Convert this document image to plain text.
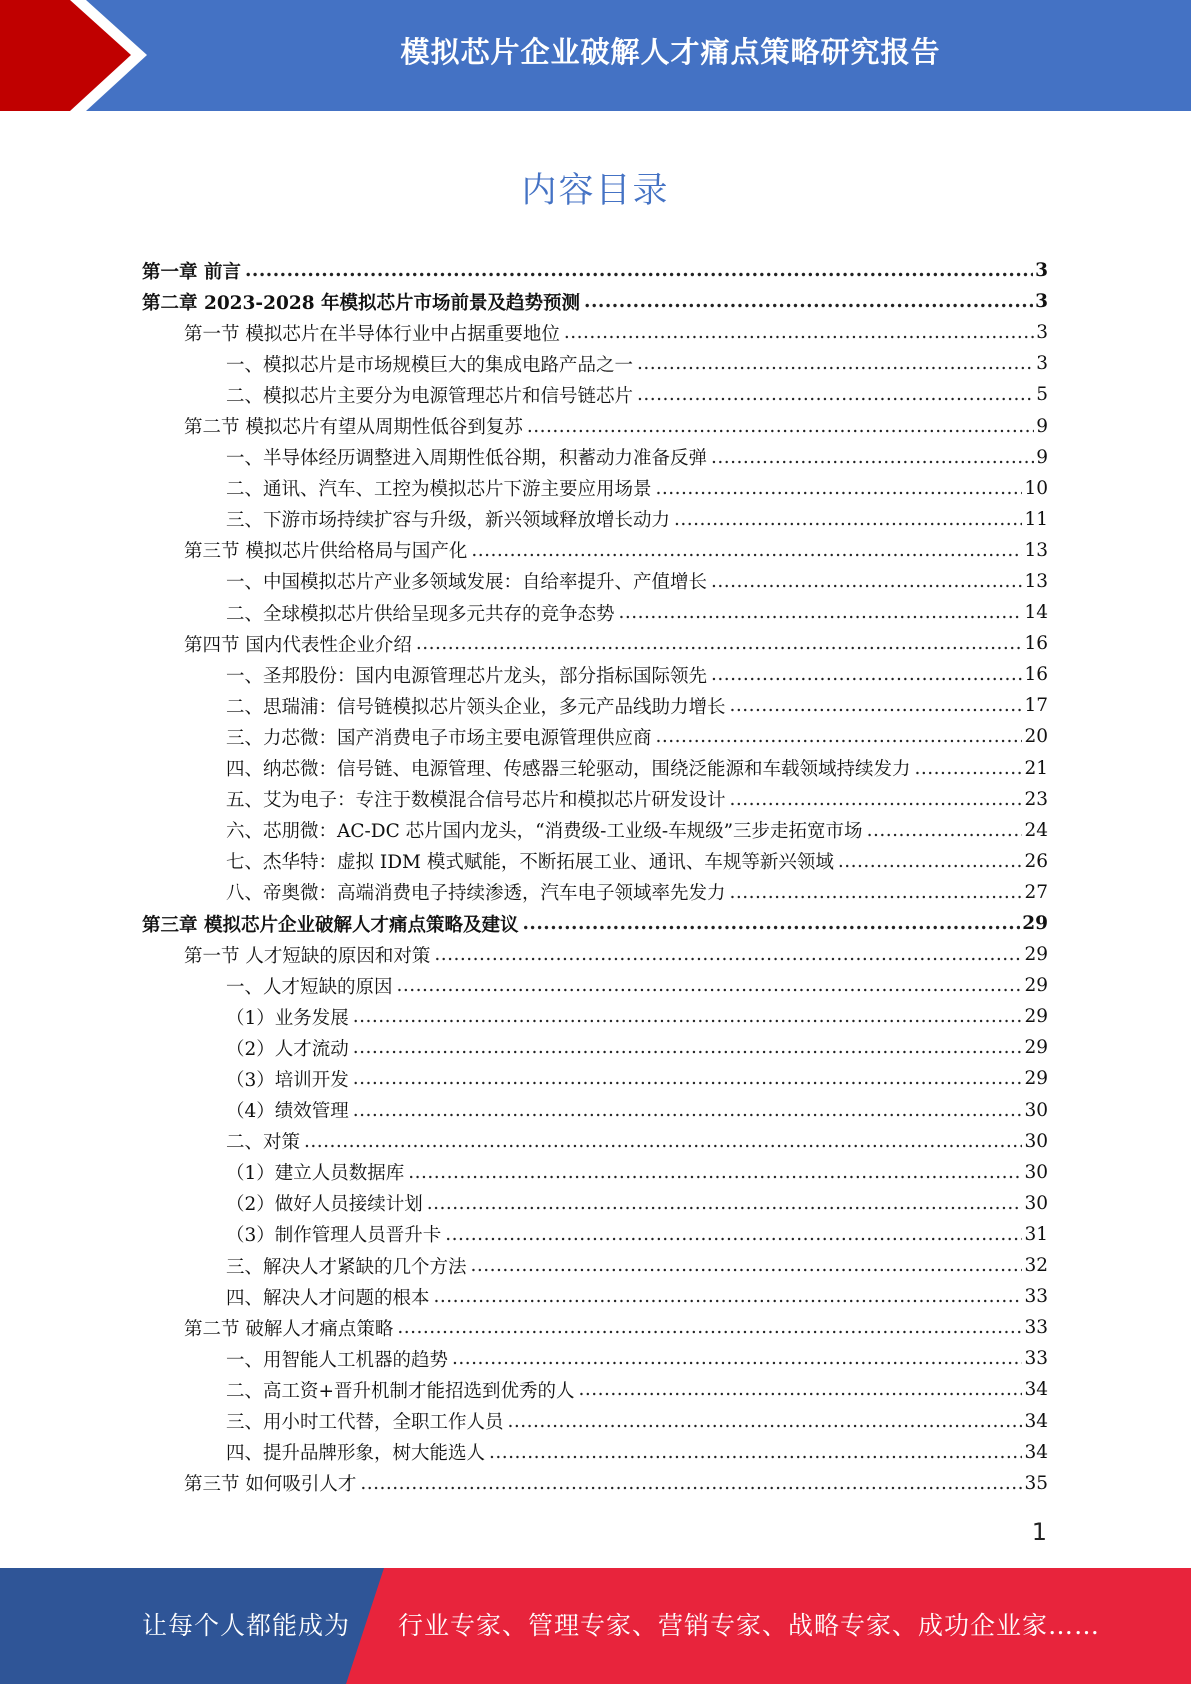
模拟芯片企业破解人才痛点策略研究报告
内容目录
第一章 前言 .....	3
第二章 2023-2028 年模拟芯片市场前景及趋势预测 .....	3
第一节 模拟芯片在半导体行业中占据重要地位 .....	3
一、模拟芯片是市场规模巨大的集成电路产品之一 .....	3
二、模拟芯片主要分为电源管理芯片和信号链芯片 .....	5
第二节 模拟芯片有望从周期性低谷到复苏 .....	9
一、半导体经历调整进入周期性低谷期，积蓄动力准备反弹 .....	9
二、通讯、汽车、工控为模拟芯片下游主要应用场景 .....	10
三、下游市场持续扩容与升级，新兴领域释放增长动力 .....	11
第三节 模拟芯片供给格局与国产化 .....	13
一、中国模拟芯片产业多领域发展：自给率提升、产值增长 .....	13
二、全球模拟芯片供给呈现多元共存的竞争态势 .....	14
第四节 国内代表性企业介绍 .....	16
一、圣邦股份：国内电源管理芯片龙头，部分指标国际领先 .....	16
二、思瑞浦：信号链模拟芯片领头企业，多元产品线助力增长 .....	17
三、力芯微：国产消费电子市场主要电源管理供应商 .....	20
四、纳芯微：信号链、电源管理、传感器三轮驱动，围绕泛能源和车载领域持续发力 .....	21
五、艾为电子：专注于数模混合信号芯片和模拟芯片研发设计 .....	23
六、芯朋微：AC-DC 芯片国内龙头，“消费级-工业级-车规级”三步走拓宽市场 .....	24
七、杰华特：虚拟 IDM 模式赋能，不断拓展工业、通讯、车规等新兴领域 .....	26
八、帝奥微：高端消费电子持续渗透，汽车电子领域率先发力 .....	27
第三章 模拟芯片企业破解人才痛点策略及建议 .....	29
第一节 人才短缺的原因和对策 .....	29
一、人才短缺的原因 .....	29
（1）业务发展 .....	29
（2）人才流动 .....	29
（3）培训开发 .....	29
（4）绩效管理 .....	30
二、对策 .....	30
（1）建立人员数据库 .....	30
（2）做好人员接续计划 .....	30
（3）制作管理人员晋升卡 .....	31
三、解决人才紧缺的几个方法 .....	32
四、解决人才问题的根本 .....	33
第二节 破解人才痛点策略 .....	33
一、用智能人工机器的趋势 .....	33
二、高工资+晋升机制才能招选到优秀的人 .....	34
三、用小时工代替，全职工作人员 .....	34
四、提升品牌形象，树大能选人 .....	34
第三节 如何吸引人才 .....	35
1
让每个人都能成为 行业专家、管理专家、营销专家、战略专家、成功企业家……
